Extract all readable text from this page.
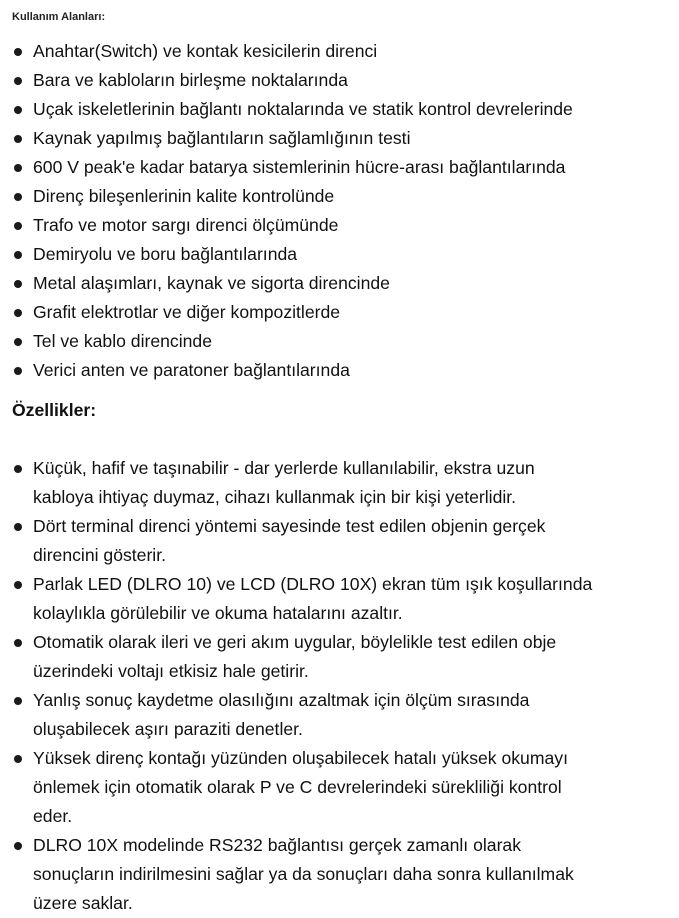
Kullanım Alanları:
Anahtar(Switch) ve kontak kesicilerin direnci
Bara ve kabloların birleşme noktalarında
Uçak iskeletlerinin bağlantı noktalarında ve statik kontrol devrelerinde
Kaynak yapılmış bağlantıların sağlamlığının testi
600 V peak'e kadar batarya sistemlerinin hücre-arası bağlantılarında
Direnç bileşenlerinin kalite kontrolünde
Trafo ve motor sargı direnci ölçümünde
Demiryolu ve boru bağlantılarında
Metal alaşımları, kaynak ve sigorta direncinde
Grafit elektrotlar ve diğer kompozitlerde
Tel ve kablo direncinde
Verici anten ve paratoner bağlantılarında
Özellikler:
Küçük, hafif ve taşınabilir - dar yerlerde kullanılabilir, ekstra uzun
kabloya ihtiyaç duymaz, cihazı kullanmak için bir kişi yeterlidir.
Dört terminal direnci yöntemi sayesinde test edilen objenin gerçek
direncini gösterir.
Parlak LED (DLRO 10) ve LCD (DLRO 10X) ekran tüm ışık koşullarında
kolaylıkla görülebilir ve okuma hatalarını azaltır.
Otomatik olarak ileri ve geri akım uygular, böylelikle test edilen obje
üzerindeki voltajı etkisiz hale getirir.
Yanlış sonuç kaydetme olasılığını azaltmak için ölçüm sırasında
oluşabilecek aşırı paraziti denetler.
Yüksek direnç kontağı yüzünden oluşabilecek hatalı yüksek okumayı
önlemek için otomatik olarak P ve C devrelerindeki sürekliliği kontrol
eder.
DLRO 10X modelinde RS232 bağlantısı gerçek zamanlı olarak
sonuçların indirilmesini sağlar ya da sonuçları daha sonra kullanılmak
üzere saklar.
